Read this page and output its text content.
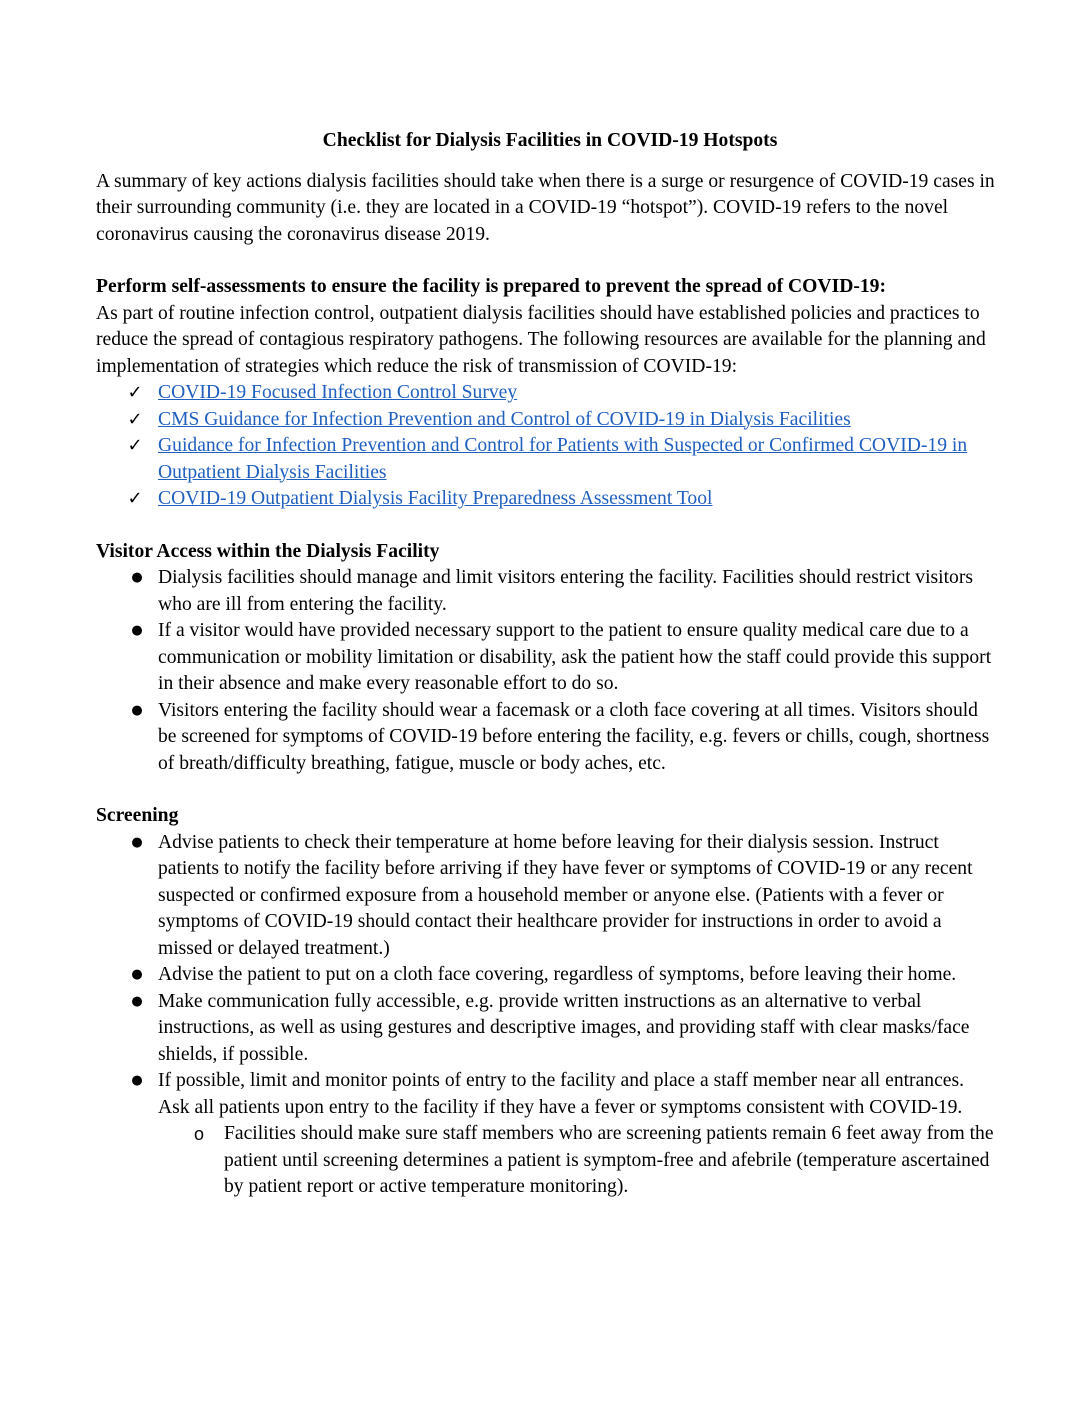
Checklist for Dialysis Facilities in COVID-19 Hotspots

A summary of key actions dialysis facilities should take when there is a surge or resurgence of COVID-19 cases in their surrounding community (i.e. they are located in a COVID-19 “hotspot”). COVID-19 refers to the novel coronavirus causing the coronavirus disease 2019.

Perform self-assessments to ensure the facility is prepared to prevent the spread of COVID-19:

As part of routine infection control, outpatient dialysis facilities should have established policies and practices to reduce the spread of contagious respiratory pathogens. The following resources are available for the planning and implementation of strategies which reduce the risk of transmission of COVID-19:

✓ COVID-19 Focused Infection Control Survey
✓ CMS Guidance for Infection Prevention and Control of COVID-19 in Dialysis Facilities
✓ Guidance for Infection Prevention and Control for Patients with Suspected or Confirmed COVID-19 in Outpatient Dialysis Facilities
✓ COVID-19 Outpatient Dialysis Facility Preparedness Assessment Tool

Visitor Access within the Dialysis Facility

● Dialysis facilities should manage and limit visitors entering the facility. Facilities should restrict visitors who are ill from entering the facility.
● If a visitor would have provided necessary support to the patient to ensure quality medical care due to a communication or mobility limitation or disability, ask the patient how the staff could provide this support in their absence and make every reasonable effort to do so.
● Visitors entering the facility should wear a facemask or a cloth face covering at all times. Visitors should be screened for symptoms of COVID-19 before entering the facility, e.g. fevers or chills, cough, shortness of breath/difficulty breathing, fatigue, muscle or body aches, etc.

Screening

● Advise patients to check their temperature at home before leaving for their dialysis session. Instruct patients to notify the facility before arriving if they have fever or symptoms of COVID-19 or any recent suspected or confirmed exposure from a household member or anyone else. (Patients with a fever or symptoms of COVID-19 should contact their healthcare provider for instructions in order to avoid a missed or delayed treatment.)
● Advise the patient to put on a cloth face covering, regardless of symptoms, before leaving their home.
● Make communication fully accessible, e.g. provide written instructions as an alternative to verbal instructions, as well as using gestures and descriptive images, and providing staff with clear masks/face shields, if possible.
● If possible, limit and monitor points of entry to the facility and place a staff member near all entrances. Ask all patients upon entry to the facility if they have a fever or symptoms consistent with COVID-19.
o Facilities should make sure staff members who are screening patients remain 6 feet away from the patient until screening determines a patient is symptom-free and afebrile (temperature ascertained by patient report or active temperature monitoring).
